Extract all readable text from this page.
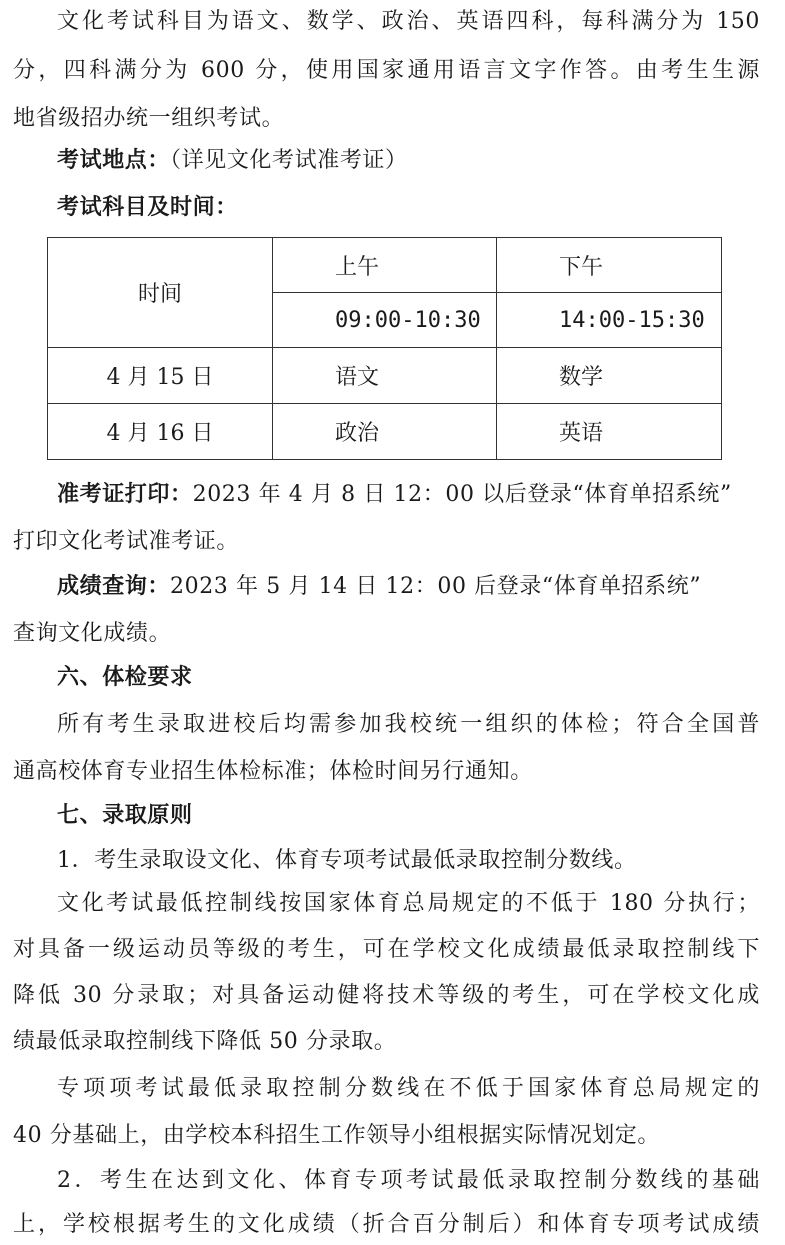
文化考试科目为语文、数学、政治、英语四科，每科满分为 150
分，四科满分为 600 分，使用国家通用语言文字作答。由考生生源
地省级招办统一组织考试。
考试地点：（详见文化考试准考证）
考试科目及时间：
时间	上午	下午
	09:00-10:30	14:00-15:30
4 月 15 日	语文	数学
4 月 16 日	政治	英语
准考证打印：2023 年 4 月 8 日 12：00 以后登录“体育单招系统”
打印文化考试准考证。
成绩查询：2023 年 5 月 14 日 12：00 后登录“体育单招系统”
查询文化成绩。
六、体检要求
所有考生录取进校后均需参加我校统一组织的体检；符合全国普
通高校体育专业招生体检标准；体检时间另行通知。
七、录取原则
1．考生录取设文化、体育专项考试最低录取控制分数线。
文化考试最低控制线按国家体育总局规定的不低于 180 分执行；
对具备一级运动员等级的考生，可在学校文化成绩最低录取控制线下
降低 30 分录取；对具备运动健将技术等级的考生，可在学校文化成
绩最低录取控制线下降低 50 分录取。
专项项考试最低录取控制分数线在不低于国家体育总局规定的
40 分基础上，由学校本科招生工作领导小组根据实际情况划定。
2．考生在达到文化、体育专项考试最低录取控制分数线的基础
上，学校根据考生的文化成绩（折合百分制后）和体育专项考试成绩
